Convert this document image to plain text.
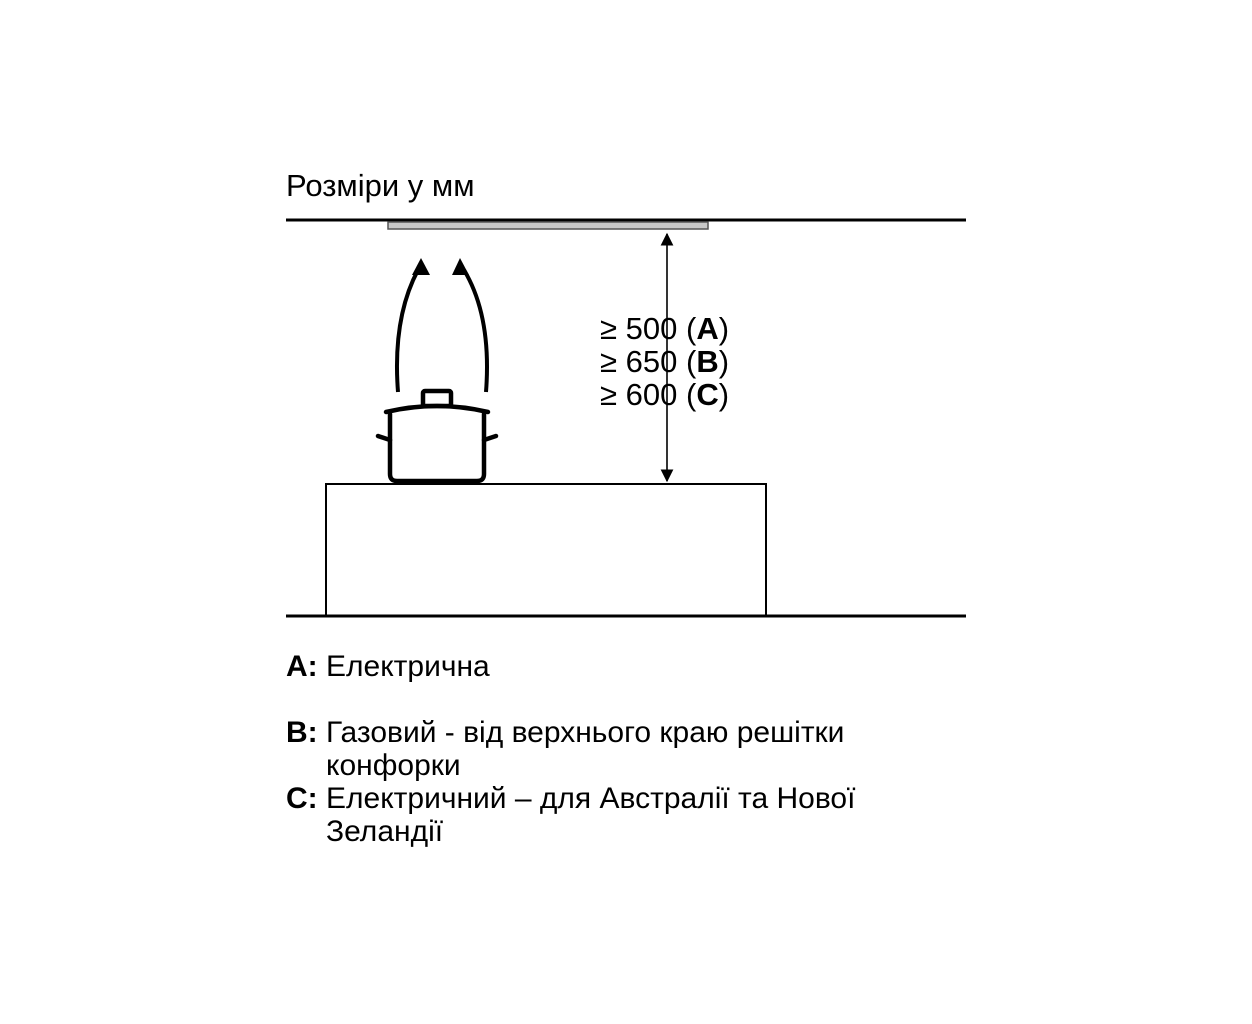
Розміри у мм
≥ 500 (A)
≥ 650 (B)
≥ 600 (C)
A: Електрична
B: Газовий - від верхнього краю решітки конфорки
C: Електричний – для Австралії та Нової Зеландії
